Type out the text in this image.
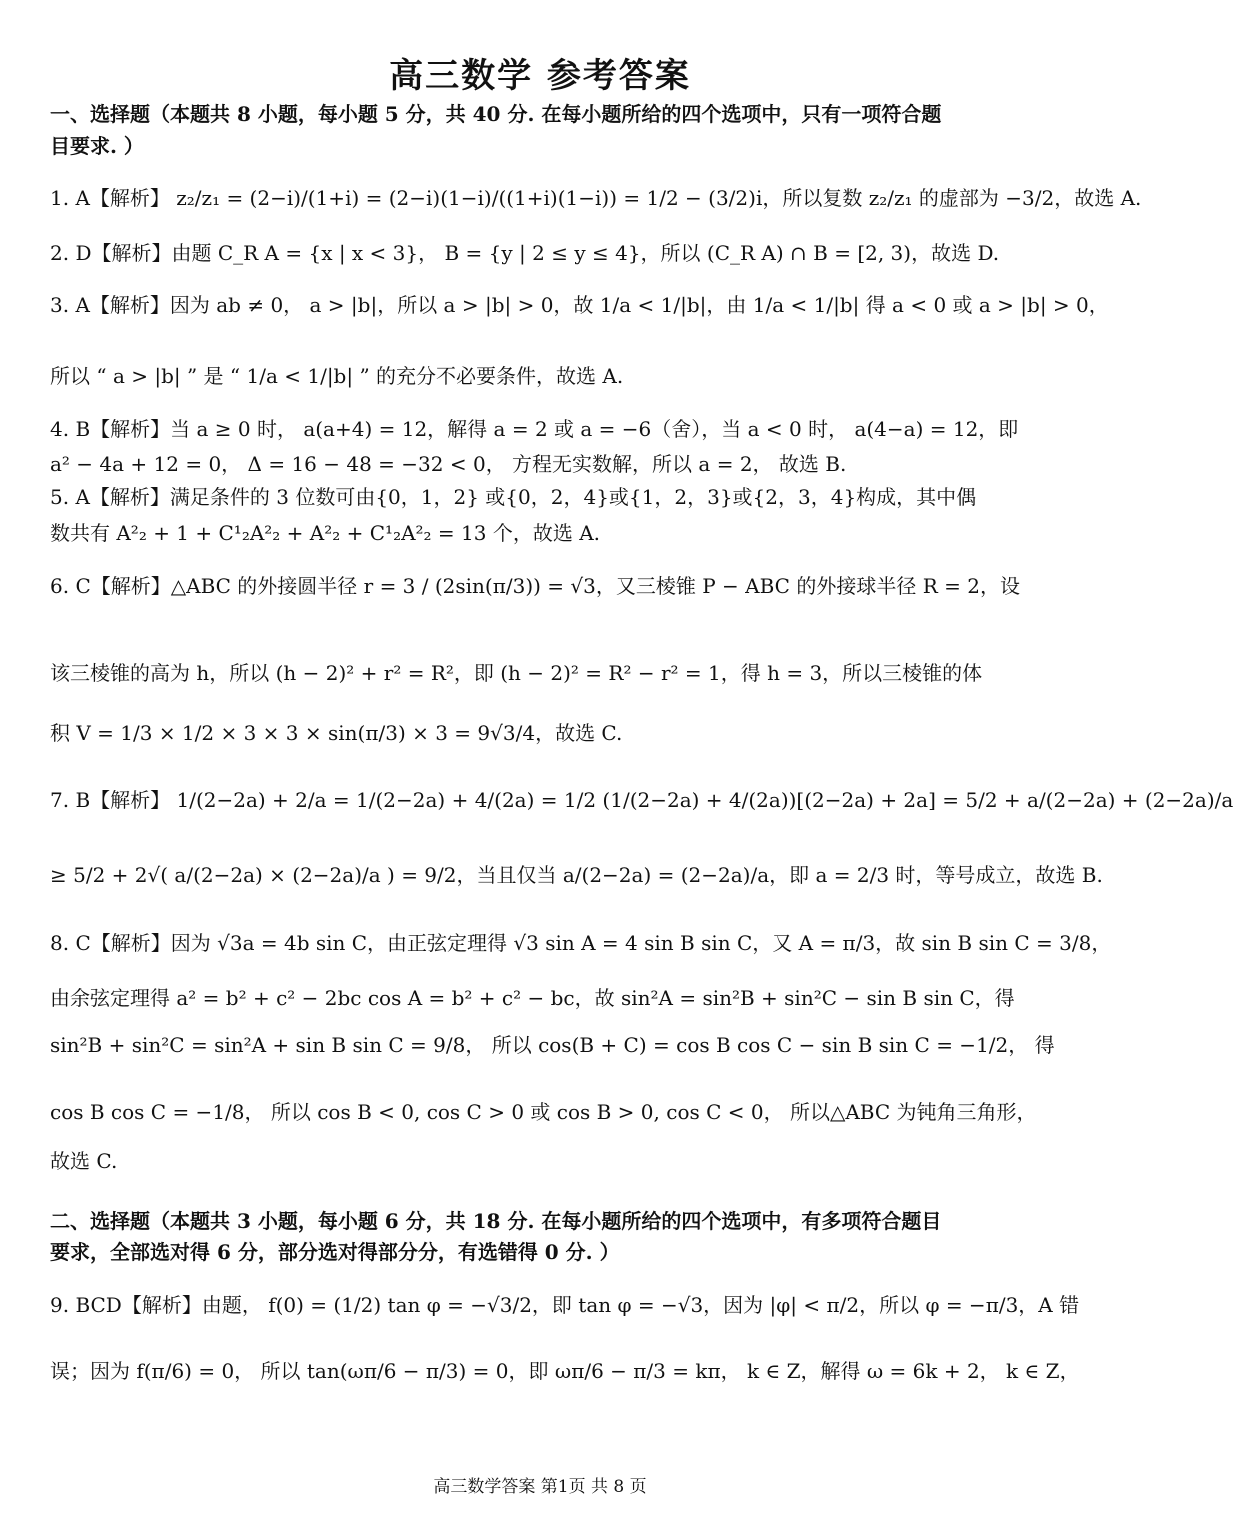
高三数学 参考答案
一、选择题（本题共 8 小题，每小题 5 分，共 40 分. 在每小题所给的四个选项中，只有一项符合题
目要求. ）
1. A【解析】 z₂/z₁ = (2−i)/(1+i) = (2−i)(1−i)/((1+i)(1−i)) = 1/2 − (3/2)i，所以复数 z₂/z₁ 的虚部为 −3/2，故选 A.
2. D【解析】由题 C_R A = {x | x < 3}， B = {y | 2 ≤ y ≤ 4}，所以 (C_R A) ∩ B = [2, 3)，故选 D.
3. A【解析】因为 ab ≠ 0， a > |b|，所以 a > |b| > 0，故 1/a < 1/|b|，由 1/a < 1/|b| 得 a < 0 或 a > |b| > 0，
所以 “ a > |b| ” 是 “ 1/a < 1/|b| ” 的充分不必要条件，故选 A.
4. B【解析】当 a ≥ 0 时， a(a+4) = 12，解得 a = 2 或 a = −6（舍），当 a < 0 时， a(4−a) = 12，即
a² − 4a + 12 = 0， Δ = 16 − 48 = −32 < 0， 方程无实数解，所以 a = 2， 故选 B.
5. A【解析】满足条件的 3 位数可由{0，1，2} 或{0，2，4}或{1，2，3}或{2，3，4}构成，其中偶
数共有 A²₂ + 1 + C¹₂A²₂ + A²₂ + C¹₂A²₂ = 13 个，故选 A.
6. C【解析】△ABC 的外接圆半径 r = 3 / (2sin(π/3)) = √3，又三棱锥 P − ABC 的外接球半径 R = 2，设
该三棱锥的高为 h，所以 (h − 2)² + r² = R²，即 (h − 2)² = R² − r² = 1，得 h = 3，所以三棱锥的体
积 V = 1/3 × 1/2 × 3 × 3 × sin(π/3) × 3 = 9√3/4，故选 C.
7. B【解析】 1/(2−2a) + 2/a = 1/(2−2a) + 4/(2a) = 1/2 (1/(2−2a) + 4/(2a))[(2−2a) + 2a] = 5/2 + a/(2−2a) + (2−2a)/a
≥ 5/2 + 2√( a/(2−2a) × (2−2a)/a ) = 9/2，当且仅当 a/(2−2a) = (2−2a)/a，即 a = 2/3 时，等号成立，故选 B.
8. C【解析】因为 √3a = 4b sin C，由正弦定理得 √3 sin A = 4 sin B sin C，又 A = π/3，故 sin B sin C = 3/8，
由余弦定理得 a² = b² + c² − 2bc cos A = b² + c² − bc，故 sin²A = sin²B + sin²C − sin B sin C，得
sin²B + sin²C = sin²A + sin B sin C = 9/8， 所以 cos(B + C) = cos B cos C − sin B sin C = −1/2， 得
cos B cos C = −1/8， 所以 cos B < 0, cos C > 0 或 cos B > 0, cos C < 0， 所以△ABC 为钝角三角形，
故选 C.
二、选择题（本题共 3 小题，每小题 6 分，共 18 分. 在每小题所给的四个选项中，有多项符合题目
要求，全部选对得 6 分，部分选对得部分分，有选错得 0 分. ）
9. BCD【解析】由题， f(0) = (1/2) tan φ = −√3/2，即 tan φ = −√3，因为 |φ| < π/2，所以 φ = −π/3，A 错
误；因为 f(π/6) = 0， 所以 tan(ωπ/6 − π/3) = 0，即 ωπ/6 − π/3 = kπ， k ∈ Z，解得 ω = 6k + 2， k ∈ Z，
高三数学答案 第1页 共 8 页
